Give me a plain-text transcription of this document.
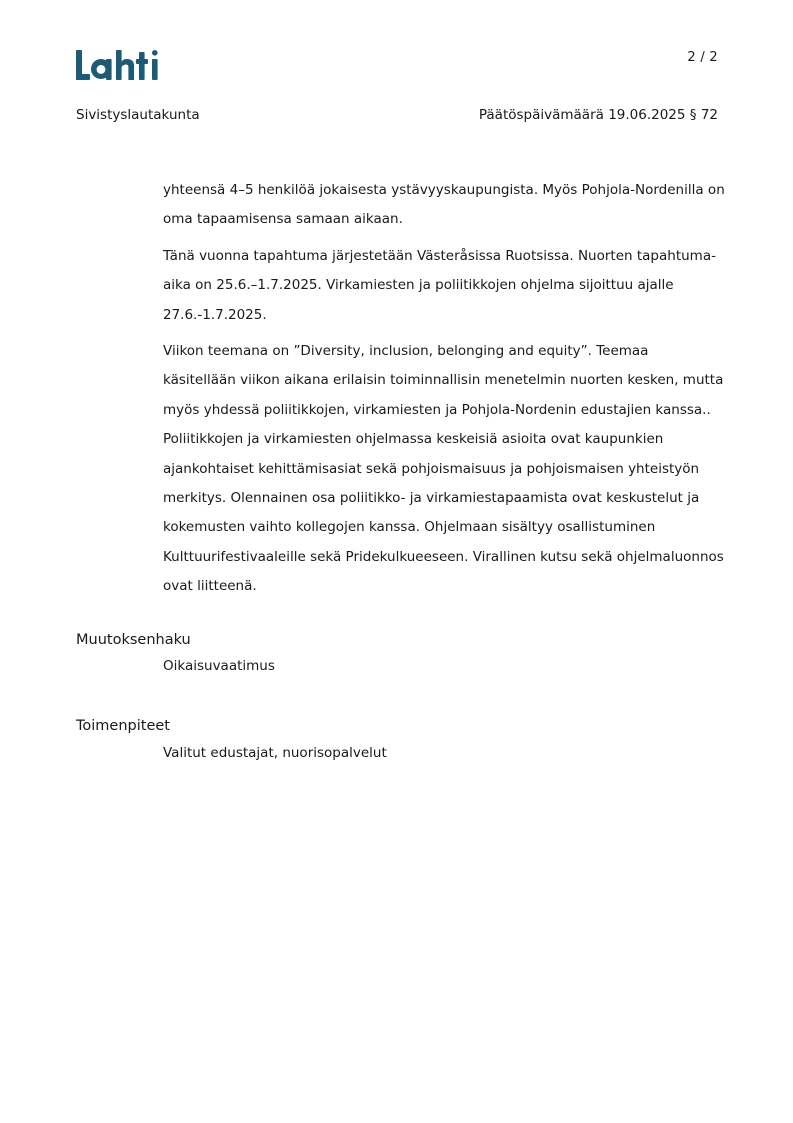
2 / 2
Sivistyslautakunta	Päätöspäivämäärä 19.06.2025 § 72

yhteensä 4–5 henkilöä jokaisesta ystävyyskaupungista. Myös Pohjola-Nordenilla on oma tapaamisensa samaan aikaan.

Tänä vuonna tapahtuma järjestetään Västeråsissa Ruotsissa. Nuorten tapahtuma-aika on 25.6.–1.7.2025. Virkamiesten ja poliitikkojen ohjelma sijoittuu ajalle 27.6.-1.7.2025.

Viikon teemana on ”Diversity, inclusion, belonging and equity”. Teemaa käsitellään viikon aikana erilaisin toiminnallisin menetelmin nuorten kesken, mutta myös yhdessä poliitikkojen, virkamiesten ja Pohjola-Nordenin edustajien kanssa.. Poliitikkojen ja virkamiesten ohjelmassa keskeisiä asioita ovat kaupunkien ajankohtaiset kehittämisasiat sekä pohjoismaisuus ja pohjoismaisen yhteistyön merkitys. Olennainen osa poliitikko- ja virkamiestapaamista ovat keskustelut ja kokemusten vaihto kollegojen kanssa. Ohjelmaan sisältyy osallistuminen Kulttuurifestivaaleille sekä Pridekulkueeseen. Virallinen kutsu sekä ohjelmaluonnos ovat liitteenä.

Muutoksenhaku
Oikaisuvaatimus
Toimenpiteet
Valitut edustajat, nuorisopalvelut
